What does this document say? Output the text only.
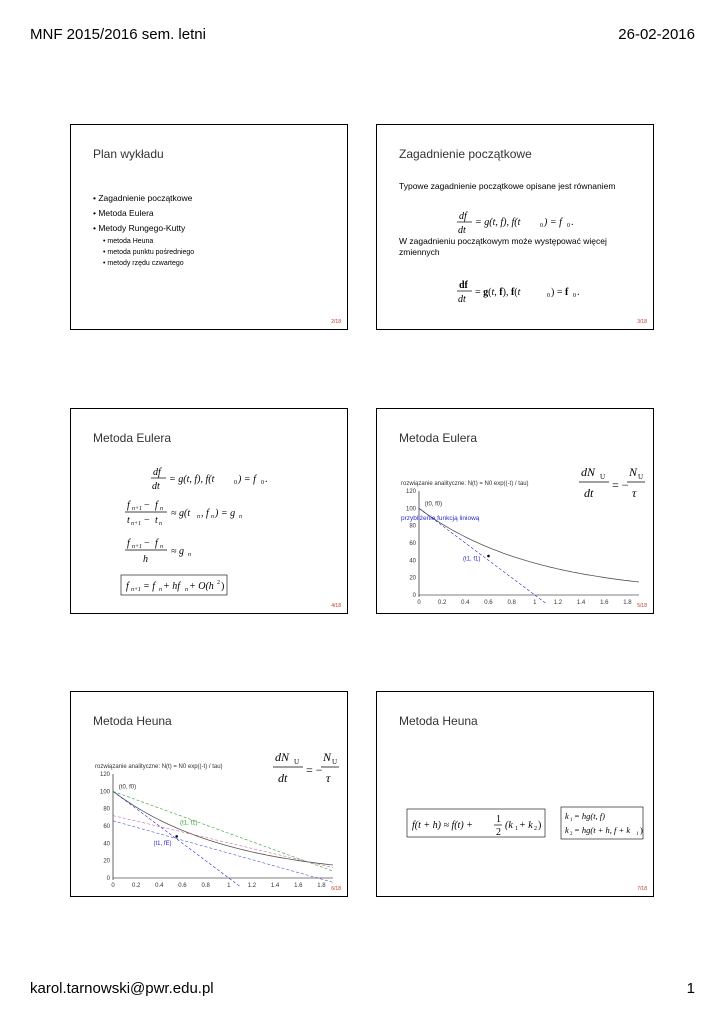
MNF 2015/2016 sem. letni	26-02-2016
Plan wykładu
• Zagadnienie początkowe
• Metoda Eulera
• Metody Rungego-Kutty
• metoda Heuna
• metoda punktu pośredniego
• metody rzędu czwartego
2/18
Zagadnienie początkowe
Typowe zagadnienie początkowe opisane jest równaniem
df
dt
= g(t, f), f(t	0 ) = f 0 .
df
dt
= g(t, f), f(t	0 ) = f 0 .
W zagadnieniu początkowym może występować więcej zmiennych
3/18
Metoda Eulera
df
dt
= g(t, f), f(t	0 ) = f 0 .
f n+1 − f n
t n+1 − t n
≈ g(t n , f n ) = g n
f n+1 − f n
h
≈ g n
f n+1 = f n + hf n + O(h 2 )
4/18
Metoda Eulera
dN U
dt
= −
N U
τ
rozwiązanie analityczne: N(t) = N0 exp((-t) / tau)
0
20
40
60
80
100
120
0	0.2 0.4 0.6 0.8	1	1.2 1.4 1.6 1.8
(t0, f0)
(t1, f1)
przybliżenie funkcją liniową
5/18
Metoda Heuna
dN U
dt
= −
N U
τ
rozwiązanie analityczne: N(t) = N0 exp((-t) / tau)
0
20
40
60
80
100
120
0	0.2 0.4 0.6 0.8	1	1.2 1.4 1.6 1.8
(t0, f0)
(t1, f1)
(t1, fE)
6/18
Metoda Heuna
f(t + h) ≈ f(t) +
1
2
(k 1 + k 2 )
k 1 = hg(t, f)
k 2 = hg(t + h, f + k 1 )
7/18
karol.tarnowski@pwr.edu.pl	1
